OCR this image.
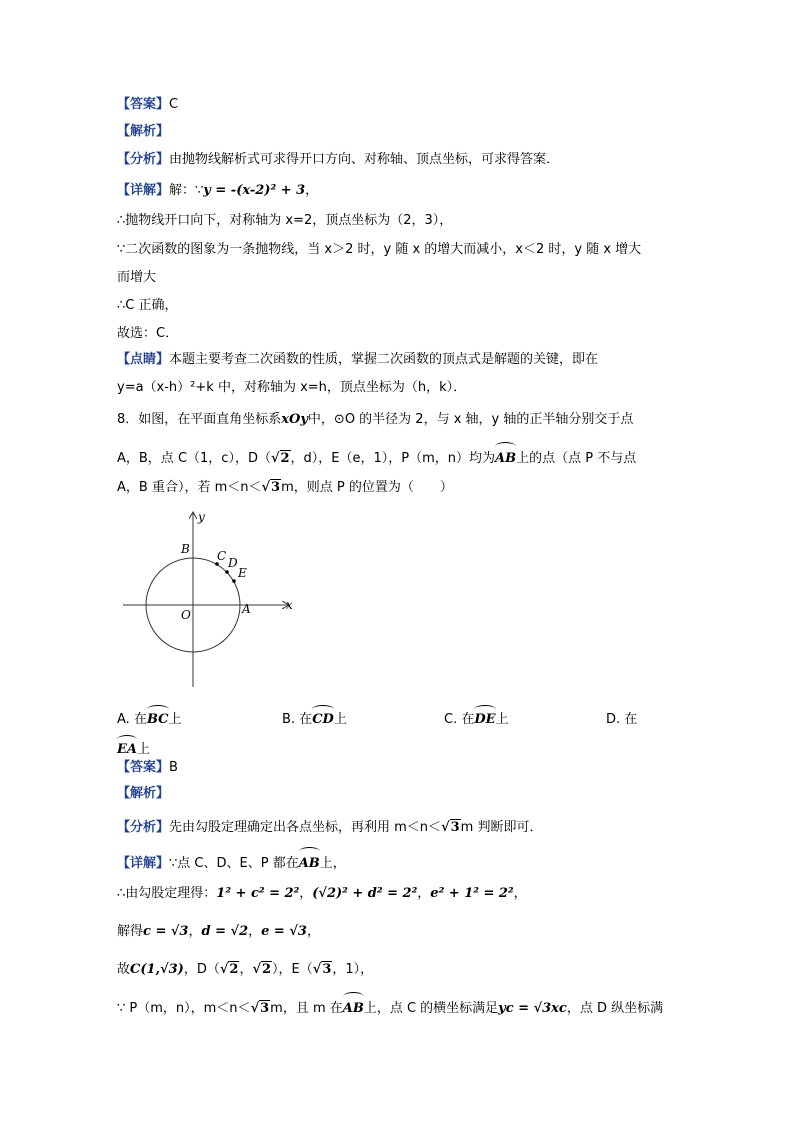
【答案】C
【解析】
【分析】由抛物线解析式可求得开口方向、对称轴、顶点坐标，可求得答案．
【详解】解：∵y = -(x-2)² + 3，
∴抛物线开口向下，对称轴为 x=2，顶点坐标为（2，3），
∵二次函数的图象为一条抛物线，当 x＞2 时，y 随 x 的增大而减小，x＜2 时，y 随 x 增大
而增大
∴C 正确，
故选：C．
【点睛】本题主要考查二次函数的性质，掌握二次函数的顶点式是解题的关键，即在
y=a（x-h）²+k 中，对称轴为 x=h，顶点坐标为（h，k）．
8．如图，在平面直角坐标系xOy中，⊙O 的半径为 2，与 x 轴，y 轴的正半轴分别交于点
A，B，点 C（1，c），D（√2，d），E（e，1），P（m，n）均为AB上的点（点 P 不与点
A，B 重合），若 m＜n＜√3m，则点 P 的位置为（　　）
y
x
B C D
E
O	A
A. 在BC上	B. 在CD上	C. 在DE上	D. 在
EA上
【答案】B
【解析】
【分析】先由勾股定理确定出各点坐标，再利用 m＜n＜√3m 判断即可．
【详解】∵点 C、D、E、P 都在AB上，
∴由勾股定理得：1² + c² = 2²，(√2)² + d² = 2²，e² + 1² = 2²，
解得c = √3，d = √2，e = √3，
故C(1,√3)，D（√2，√2），E（√3，1），
∵ P（m，n），m＜n＜√3m，且 m 在AB上，点 C 的横坐标满足yc = √3xc，点 D 纵坐标满
